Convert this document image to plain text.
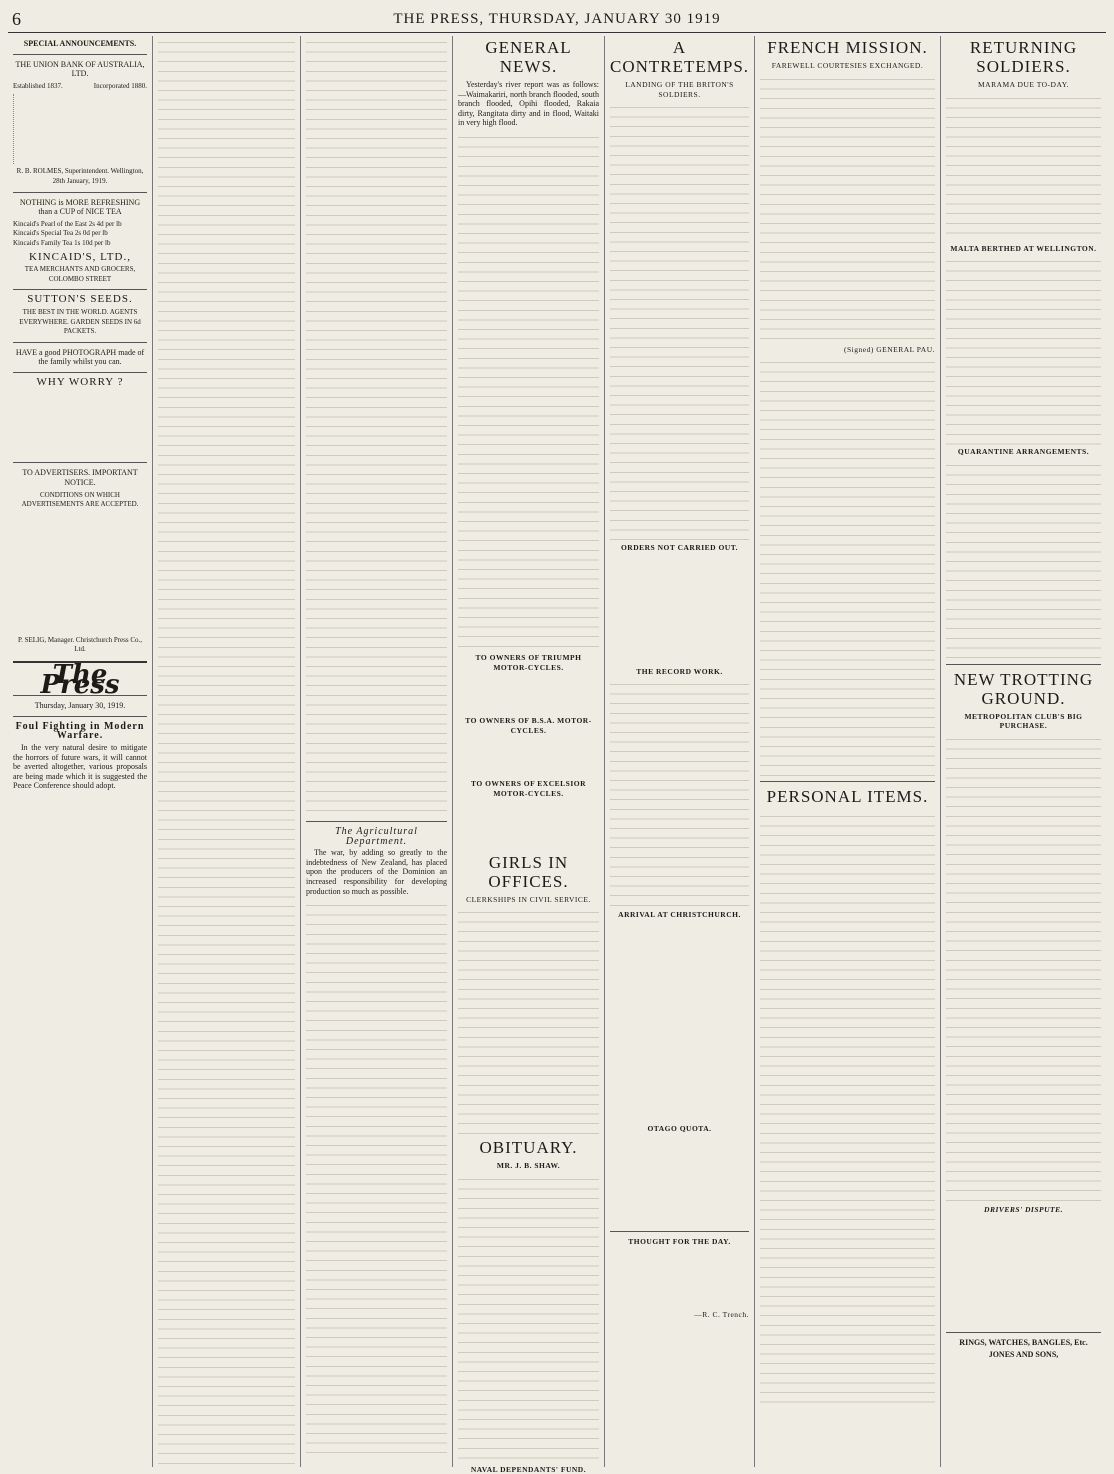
6	THE PRESS, THURSDAY, JANUARY 30 1919
SPECIAL ANNOUNCEMENTS.
THE UNION BANK OF AUSTRALIA, LTD.
Established 1837.	Incorporated 1880.
R. B. ROLMES, Superintendent. Wellington, 28th January, 1919.
NOTHING is MORE REFRESHING than a CUP of NICE TEA
Kincaid's Pearl of the East 2s 4d per lb
Kincaid's Special Tea 2s 0d per lb
Kincaid's Family Tea 1s 10d per lb
KINCAID'S, LTD.,
TEA MERCHANTS AND GROCERS, COLOMBO STREET
SUTTON'S SEEDS.
THE BEST IN THE WORLD. AGENTS EVERYWHERE. GARDEN SEEDS IN 6d PACKETS.
HAVE a good PHOTOGRAPH made of the family whilst you can.
WHY WORRY ?
TO ADVERTISERS. IMPORTANT NOTICE.
CONDITIONS ON WHICH ADVERTISEMENTS ARE ACCEPTED.
P. SELIG, Manager. Christchurch Press Co., Ltd.
The Press
Thursday, January 30, 1919.
Foul Fighting in Modern Warfare.

In the very natural desire to mitigate the horrors of future wars, it will cannot be averted altogether, various proposals are being made which it is suggested the Peace Conference should adopt.

The Agricultural Department.

The war, by adding so greatly to the indebtedness of New Zealand, has placed upon the producers of the Dominion an increased responsibility for developing production so much as possible.

GENERAL NEWS.

Yesterday's river report was as follows:—Waimakariri, north branch flooded, south branch flooded, Opihi flooded, Rakaia dirty, Rangitata dirty and in flood, Waitaki in very high flood.

TO OWNERS OF TRIUMPH MOTOR-CYCLES.
TO OWNERS OF B.S.A. MOTOR-CYCLES.
TO OWNERS OF EXCELSIOR MOTOR-CYCLES.
GIRLS IN OFFICES.
CLERKSHIPS IN CIVIL SERVICE.
OBITUARY.
MR. J. B. SHAW.
NAVAL DEPENDANTS' FUND.
A CONTRETEMPS.
LANDING OF THE BRITON'S SOLDIERS.
ORDERS NOT CARRIED OUT.
THE RECORD WORK.
ARRIVAL AT CHRISTCHURCH.
OTAGO QUOTA.
THOUGHT FOR THE DAY.
—R. C. Trench.
FRENCH MISSION.
FAREWELL COURTESIES EXCHANGED.
(Signed) GENERAL PAU.
PERSONAL ITEMS.
RETURNING SOLDIERS.
MARAMA DUE TO-DAY.
MALTA BERTHED AT WELLINGTON.
QUARANTINE ARRANGEMENTS.
NEW TROTTING GROUND.
METROPOLITAN CLUB'S BIG PURCHASE.
DRIVERS' DISPUTE.
RINGS, WATCHES, BANGLES, Etc.
JONES AND SONS,
